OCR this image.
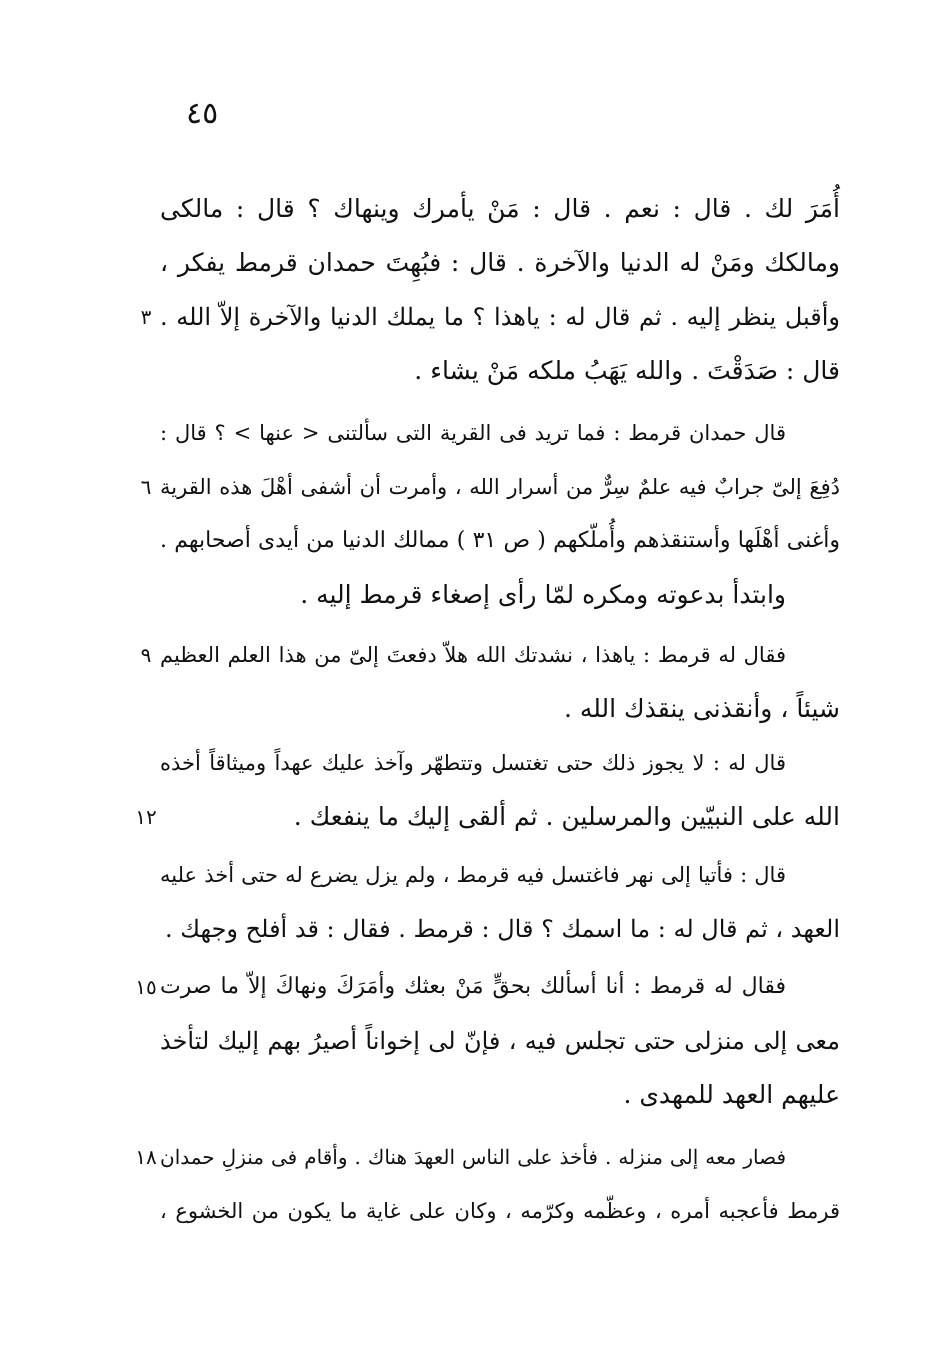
٤٥
أُمَرَ لك . قال : نعم . قال : مَنْ يأمرك وينهاك ؟ قال : مالكى
ومالكك ومَنْ له الدنيا والآخرة . قال : فبُهِتَ حمدان قرمط يفكر ،
وأقبل ينظر إليه . ثم قال له : ياهذا ؟ ما يملك الدنيا والآخرة إلاّ الله .
قال : صَدَقْتَ . والله يَهَبُ ملكه مَنْ يشاء .
قال حمدان قرمط : فما تريد فى القرية التى سألتنى < عنها > ؟ قال :
دُفِعَ إلىّ جرابٌ فيه علمٌ سِرٌّ من أسرار الله ، وأمرت أن أشفى أهْلَ هذه القرية
وأغنى أهْلَها وأستنقذهم وأُملّكهم ( ص ٣١ ) ممالك الدنيا من أيدى أصحابهم .
وابتدأ بدعوته ومكره لمّا رأى إصغاء قرمط إليه .
فقال له قرمط : ياهذا ، نشدتك الله هلاّ دفعتَ إلىّ من هذا العلم العظيم
شيئاً ، وأنقذنى ينقذك الله .
قال له : لا يجوز ذلك حتى تغتسل وتتطهّر وآخذ عليك عهداً وميثاقاً أخذه
الله على النبيّين والمرسلين . ثم ألقى إليك ما ينفعك .
قال : فأتيا إلى نهر فاغتسل فيه قرمط ، ولم يزل يضرع له حتى أخذ عليه
العهد ، ثم قال له : ما اسمك ؟ قال : قرمط . فقال : قد أفلح وجهك .
فقال له قرمط : أنا أسألك بحقٍّ مَنْ بعثك وأمَرَكَ ونهاكَ إلاّ ما صرت
معى إلى منزلى حتى تجلس فيه ، فإنّ لى إخواناً أصيرُ بهم إليك لتأخذ
عليهم العهد للمهدى .
فصار معه إلى منزله . فأخذ على الناس العهدَ هناك . وأقام فى منزلِ حمدان
قرمط فأعجبه أمره ، وعظّمه وكرّمه ، وكان على غاية ما يكون من الخشوع ،
٣
٦
٩
١٢
١٥
١٨
